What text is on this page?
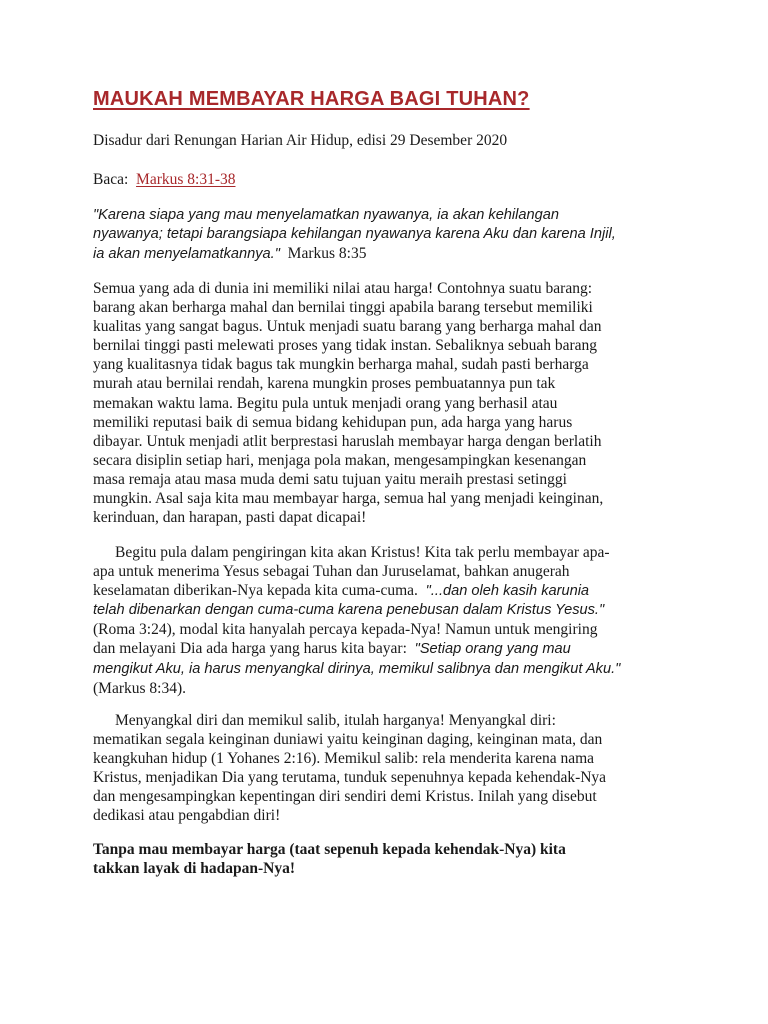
MAUKAH MEMBAYAR HARGA BAGI TUHAN?

Disadur dari Renungan Harian Air Hidup, edisi 29 Desember 2020

Baca: Markus 8:31-38

"Karena siapa yang mau menyelamatkan nyawanya, ia akan kehilangan
nyawanya; tetapi barangsiapa kehilangan nyawanya karena Aku dan karena Injil,
ia akan menyelamatkannya." Markus 8:35

Semua yang ada di dunia ini memiliki nilai atau harga! Contohnya suatu barang:
barang akan berharga mahal dan bernilai tinggi apabila barang tersebut memiliki
kualitas yang sangat bagus. Untuk menjadi suatu barang yang berharga mahal dan
bernilai tinggi pasti melewati proses yang tidak instan. Sebaliknya sebuah barang
yang kualitasnya tidak bagus tak mungkin berharga mahal, sudah pasti berharga
murah atau bernilai rendah, karena mungkin proses pembuatannya pun tak
memakan waktu lama. Begitu pula untuk menjadi orang yang berhasil atau
memiliki reputasi baik di semua bidang kehidupan pun, ada harga yang harus
dibayar. Untuk menjadi atlit berprestasi haruslah membayar harga dengan berlatih
secara disiplin setiap hari, menjaga pola makan, mengesampingkan kesenangan
masa remaja atau masa muda demi satu tujuan yaitu meraih prestasi setinggi
mungkin. Asal saja kita mau membayar harga, semua hal yang menjadi keinginan,
kerinduan, dan harapan, pasti dapat dicapai!

Begitu pula dalam pengiringan kita akan Kristus! Kita tak perlu membayar apa-
apa untuk menerima Yesus sebagai Tuhan dan Juruselamat, bahkan anugerah
keselamatan diberikan-Nya kepada kita cuma-cuma.  "...dan oleh kasih karunia
telah dibenarkan dengan cuma-cuma karena penebusan dalam Kristus Yesus."
(Roma 3:24), modal kita hanyalah percaya kepada-Nya! Namun untuk mengiring
dan melayani Dia ada harga yang harus kita bayar:  "Setiap orang yang mau
mengikut Aku, ia harus menyangkal dirinya, memikul salibnya dan mengikut Aku."
(Markus 8:34).

Menyangkal diri dan memikul salib, itulah harganya! Menyangkal diri:
mematikan segala keinginan duniawi yaitu keinginan daging, keinginan mata, dan
keangkuhan hidup (1 Yohanes 2:16). Memikul salib: rela menderita karena nama
Kristus, menjadikan Dia yang terutama, tunduk sepenuhnya kepada kehendak-Nya
dan mengesampingkan kepentingan diri sendiri demi Kristus. Inilah yang disebut
dedikasi atau pengabdian diri!

Tanpa mau membayar harga (taat sepenuh kepada kehendak-Nya) kita
takkan layak di hadapan-Nya!
